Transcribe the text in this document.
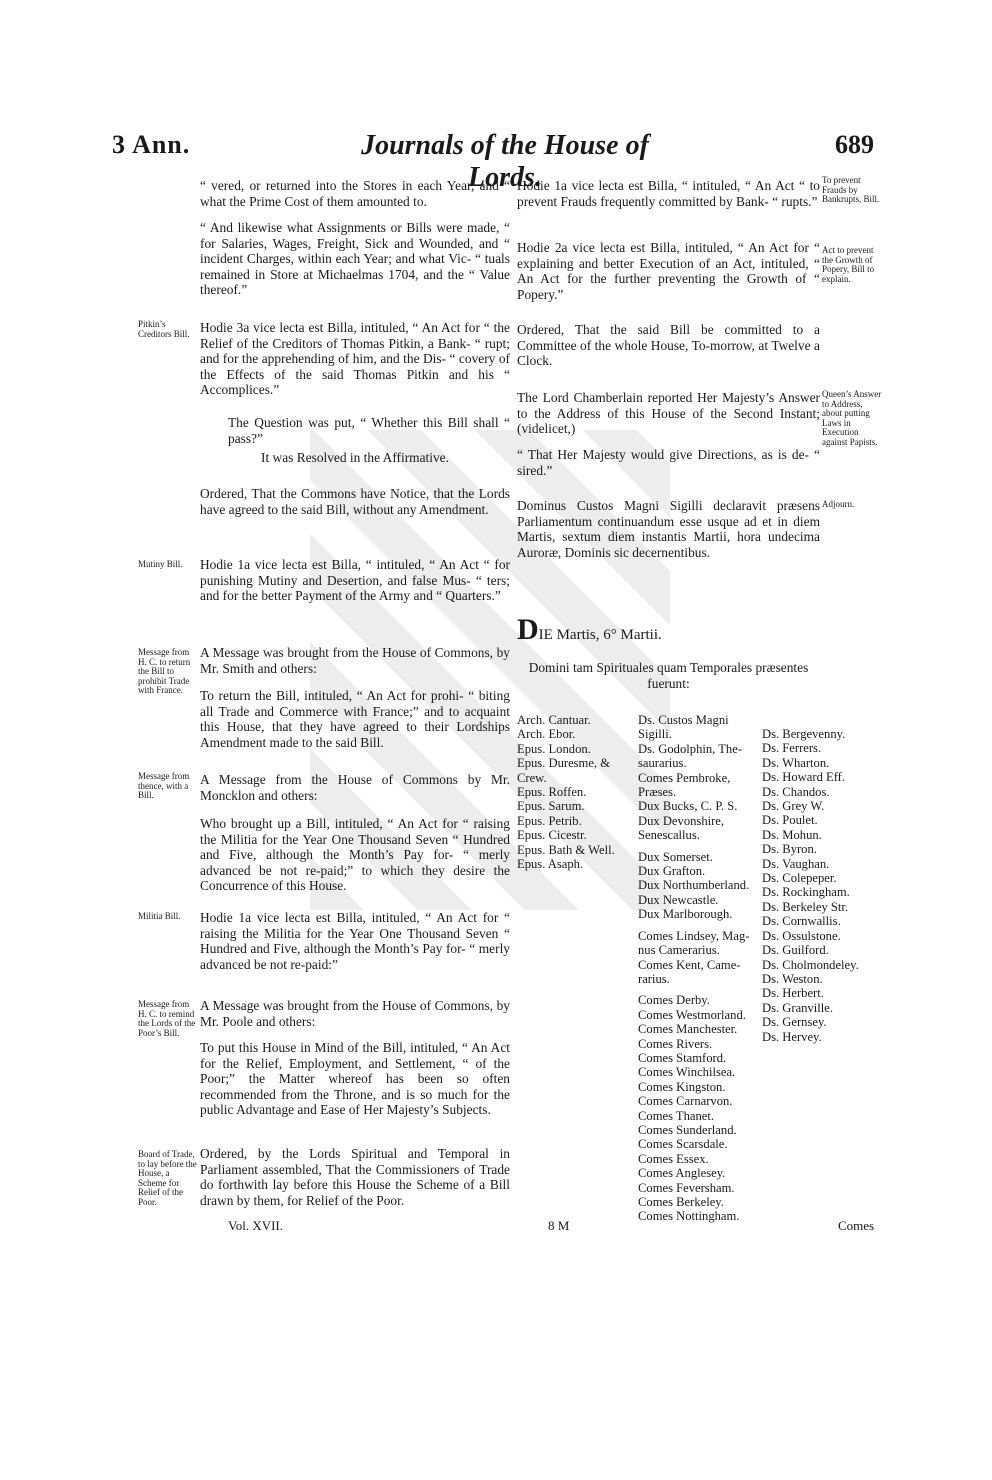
3 Ann.	Journals of the House of Lords.
689
Pitkin’s Creditors Bill.
Mutiny Bill.
Message from H. C. to return the Bill to prohibit Trade with France.
Message from thence, with a Bill.
Militia Bill.
Message from H. C. to remind the Lords of the Poor’s Bill.
Board of Trade, to lay before the House, a Scheme for Relief of the Poor.
“ vered, or returned into the Stores in each Year, and “ what the Prime Cost of them amounted to.
“ And likewise what Assignments or Bills were made, “ for Salaries, Wages, Freight, Sick and Wounded, and “ incident Charges, within each Year; and what Vic- “ tuals remained in Store at Michaelmas 1704, and the “ Value thereof.”
Hodie 3a vice lecta est Billa, intituled, “ An Act for “ the Relief of the Creditors of Thomas Pitkin, a Bank- “ rupt; and for the apprehending of him, and the Dis- “ covery of the Effects of the said Thomas Pitkin and his “ Accomplices.”
The Question was put, “ Whether this Bill shall “ pass?”
It was Resolved in the Affirmative.
Ordered, That the Commons have Notice, that the Lords have agreed to the said Bill, without any Amendment.
Hodie 1a vice lecta est Billa, “ intituled, “ An Act “ for punishing Mutiny and Desertion, and false Mus- “ ters; and for the better Payment of the Army and “ Quarters.”
A Message was brought from the House of Commons, by Mr. Smith and others:
To return the Bill, intituled, “ An Act for prohi- “ biting all Trade and Commerce with France;” and to acquaint this House, that they have agreed to their Lordships Amendment made to the said Bill.
A Message from the House of Commons by Mr. Moncklon and others:
Who brought up a Bill, intituled, “ An Act for “ raising the Militia for the Year One Thousand Seven “ Hundred and Five, although the Month’s Pay for- “ merly advanced be not re-paid;” to which they desire the Concurrence of this House.
Hodie 1a vice lecta est Billa, intituled, “ An Act for “ raising the Militia for the Year One Thousand Seven “ Hundred and Five, although the Month’s Pay for- “ merly advanced be not re-paid:”
A Message was brought from the House of Commons, by Mr. Poole and others:
To put this House in Mind of the Bill, intituled, “ An Act for the Relief, Employment, and Settlement, “ of the Poor;” the Matter whereof has been so often recommended from the Throne, and is so much for the public Advantage and Ease of Her Majesty’s Subjects.
Ordered, by the Lords Spiritual and Temporal in Parliament assembled, That the Commissioners of Trade do forthwith lay before this House the Scheme of a Bill drawn by them, for Relief of the Poor.
To prevent Frauds by Bankrupts, Bill.
Act to prevent the Growth of Popery, Bill to explain.
Queen’s Answer to Address, about putting Laws in Execution against Papists.
Adjourn.
Hodie 1a vice lecta est Billa, “ intituled, “ An Act “ to prevent Frauds frequently committed by Bank- “ rupts.”
Hodie 2a vice lecta est Billa, intituled, “ An Act for “ explaining and better Execution of an Act, intituled, “ An Act for the further preventing the Growth of “ Popery.”
Ordered, That the said Bill be committed to a Committee of the whole House, To-morrow, at Twelve a Clock.
The Lord Chamberlain reported Her Majesty’s Answer to the Address of this House of the Second Instant; (videlicet,)
“ That Her Majesty would give Directions, as is de- “ sired.”
Dominus Custos Magni Sigilli declaravit præsens Parliamentum continuandum esse usque ad et in diem Martis, sextum diem instantis Martii, hora undecima Auroræ, Dominis sic decernentibus.
DIE Martis, 6° Martii.
Domini tam Spirituales quam Temporales præsentes fuerunt:
Arch. Cantuar.
Arch. Ebor.
Epus. London.
Epus. Duresme, &
Crew.
Epus. Roffen.
Epus. Sarum.
Epus. Petrib.
Epus. Cicestr.
Epus. Bath & Well.
Epus. Asaph.
Ds. Custos Magni
Sigilli.
Ds. Godolphin, The-
saurarius.
Comes Pembroke,
Præses.
Dux Bucks, C. P. S.
Dux Devonshire,
Senescallus.
Dux Somerset.
Dux Grafton.
Dux Northumberland.
Dux Newcastle.
Dux Marlborough.
Comes Lindsey, Mag-
nus Camerarius.
Comes Kent, Came-
rarius.
Comes Derby.
Comes Westmorland.
Comes Manchester.
Comes Rivers.
Comes Stamford.
Comes Winchilsea.
Comes Kingston.
Comes Carnarvon.
Comes Thanet.
Comes Sunderland.
Comes Scarsdale.
Comes Essex.
Comes Anglesey.
Comes Feversham.
Comes Berkeley.
Comes Nottingham.
Ds. Bergevenny.
Ds. Ferrers.
Ds. Wharton.
Ds. Howard Eff.
Ds. Chandos.
Ds. Grey W.
Ds. Poulet.
Ds. Mohun.
Ds. Byron.
Ds. Vaughan.
Ds. Colepeper.
Ds. Rockingham.
Ds. Berkeley Str.
Ds. Cornwallis.
Ds. Ossulstone.
Ds. Guilford.
Ds. Cholmondeley.
Ds. Weston.
Ds. Herbert.
Ds. Granville.
Ds. Gernsey.
Ds. Hervey.
Vol. XVII.	8 M	Comes
